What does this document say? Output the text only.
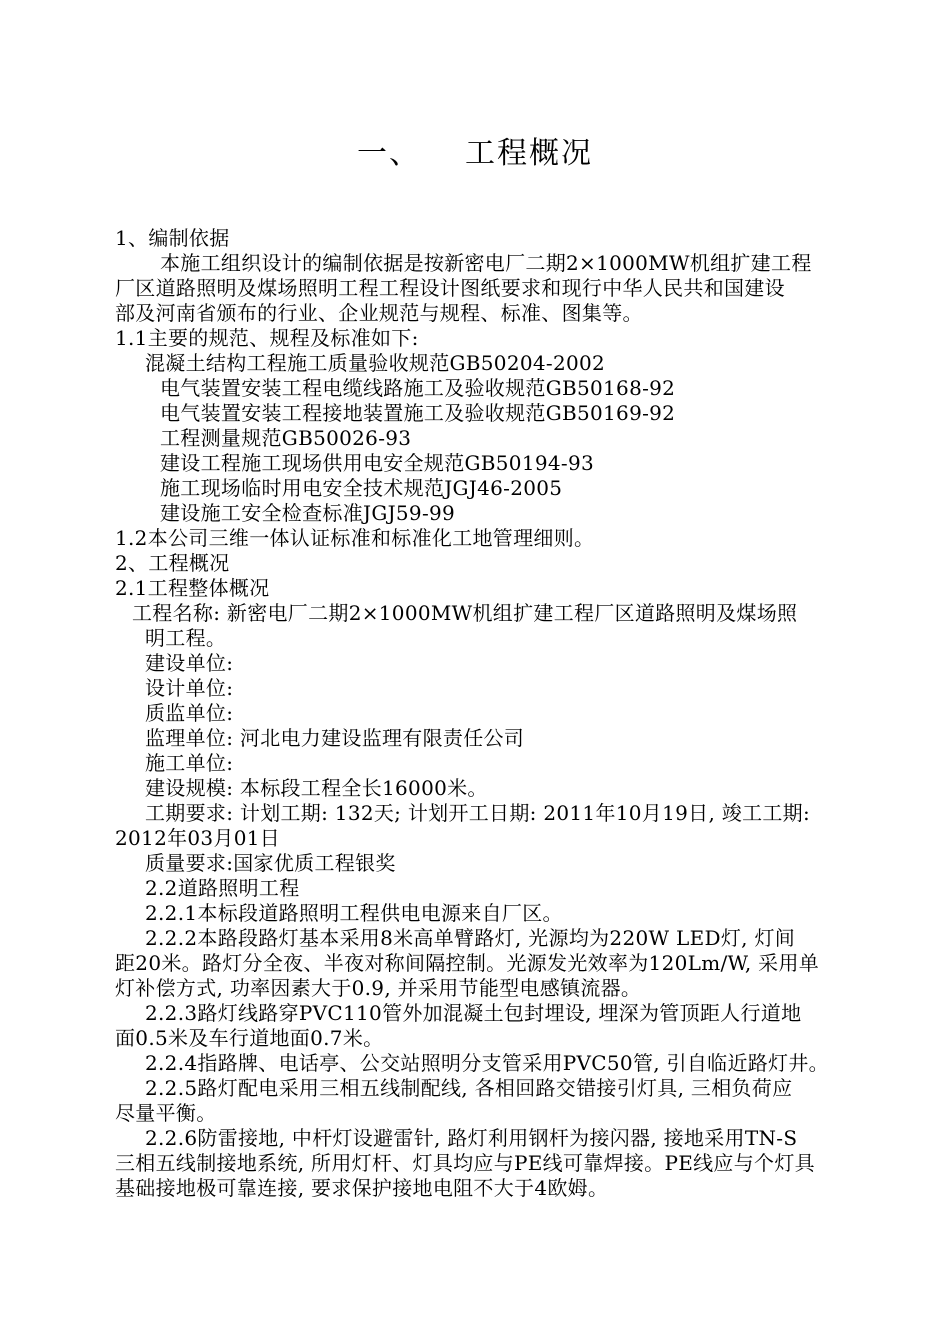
一、 工程概况
1、编制依据
本施工组织设计的编制依据是按新密电厂二期2×1000MW机组扩建工程
厂区道路照明及煤场照明工程工程设计图纸要求和现行中华人民共和国建设
部及河南省颁布的行业、企业规范与规程、标准、图集等。
1.1主要的规范、规程及标准如下:
混凝土结构工程施工质量验收规范GB50204-2002
电气装置安装工程电缆线路施工及验收规范GB50168-92
电气装置安装工程接地装置施工及验收规范GB50169-92
工程测量规范GB50026-93
建设工程施工现场供用电安全规范GB50194-93
施工现场临时用电安全技术规范JGJ46-2005
建设施工安全检查标准JGJ59-99
1.2本公司三维一体认证标准和标准化工地管理细则。
2、工程概况
2.1工程整体概况
工程名称: 新密电厂二期2×1000MW机组扩建工程厂区道路照明及煤场照
明工程。
建设单位:
设计单位:
质监单位:
监理单位: 河北电力建设监理有限责任公司
施工单位:
建设规模: 本标段工程全长16000米。
工期要求: 计划工期: 132天; 计划开工日期: 2011年10月19日, 竣工工期:
2012年03月01日
质量要求:国家优质工程银奖
2.2道路照明工程
2.2.1本标段道路照明工程供电电源来自厂区。
2.2.2本路段路灯基本采用8米高单臂路灯, 光源均为220W LED灯, 灯间
距20米。路灯分全夜、半夜对称间隔控制。光源发光效率为120Lm/W, 采用单
灯补偿方式, 功率因素大于0.9, 并采用节能型电感镇流器。
2.2.3路灯线路穿PVC110管外加混凝土包封埋设, 埋深为管顶距人行道地
面0.5米及车行道地面0.7米。
2.2.4指路牌、电话亭、公交站照明分支管采用PVC50管, 引自临近路灯井。
2.2.5路灯配电采用三相五线制配线, 各相回路交错接引灯具, 三相负荷应
尽量平衡。
2.2.6防雷接地, 中杆灯设避雷针, 路灯利用钢杆为接闪器, 接地采用TN-S
三相五线制接地系统, 所用灯杆、灯具均应与PE线可靠焊接。PE线应与个灯具
基础接地极可靠连接, 要求保护接地电阻不大于4欧姆。
